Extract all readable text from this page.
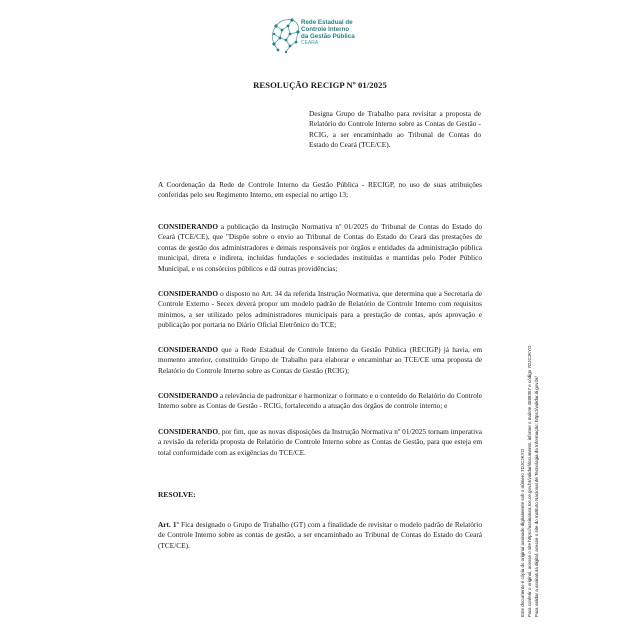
Rede Estadual de
Controle Interno
da Gestão Pública
CEARÁ
RESOLUÇÃO RECIGP Nº 01/2025
Designa Grupo de Trabalho para revisitar a proposta de Relatório do Controle Interno sobre as Contas de Gestão - RCIG, a ser encaminhado ao Tribunal de Contas do Estado do Ceará (TCE/CE).
A Coordenação da Rede de Controle Interno da Gestão Pública - RECIGP, no uso de suas atribuições conferidas pelo seu Regimento Interno, em especial no artigo 13;
CONSIDERANDO a publicação da Instrução Normativa nº 01/2025 do Tribunal de Contas do Estado do Ceará (TCE/CE), que "Dispõe sobre o envio ao Tribunal de Contas do Estado do Ceará das prestações de contas de gestão dos administradores e demais responsáveis por órgãos e entidades da administração pública municipal, direta e indireta, incluídas fundações e sociedades instituídas e mantidas pelo Poder Público Municipal, e os consórcios públicos e dá outras providências;
CONSIDERANDO o disposto no Art. 34 da referida Instrução Normativa, que determina que a Secretaria de Controle Externo - Secex deverá propor um modelo padrão de Relatório de Controle Interno com requisitos mínimos, a ser utilizado pelos administradores municipais para a prestação de contas, após aprovação e publicação por portaria no Diário Oficial Eletrônico do TCE;
CONSIDERANDO que a Rede Estadual de Controle Interno da Gestão Pública (RECIGP) já havia, em momento anterior, constituído Grupo de Trabalho para elaborar e encaminhar ao TCE/CE uma proposta de Relatório do Controle Interno sobre as Contas de Gestão (RCIG);
CONSIDERANDO a relevância de padronizar e harmonizar o formato e o conteúdo do Relatório do Controle Interno sobre as Contas de Gestão - RCIG, fortalecendo a atuação dos órgãos de controle interno; e
CONSIDERANDO, por fim, que as novas disposições da Instrução Normativa nº 01/2025 tornam imperativa a revisão da referida proposta de Relatório de Controle Interno sobre as Contas de Gestão, para que esteja em total conformidade com as exigências do TCE/CE.
RESOLVE:
Art. 1º Fica designado o Grupo de Trabalho (GT) com a finalidade de revisitar o modelo padrão de Relatório de Controle Interno sobre as contas de gestão, a ser encaminhado ao Tribunal de Contas do Estado do Ceará (TCE/CE).	Este documento é cópia do original assinado digitalmente sob o número 7DJCJKYO Para conferir o original, acesse o site https://assinatura.tce.ce.gov.br/validar/documento, informe o malote 4588357 e código 7DJCJKYO Para validar a assinatura digital, acesse o site do Instituto Nacional de Tecnologia da Informação: https://validar.iti.gov.br/
